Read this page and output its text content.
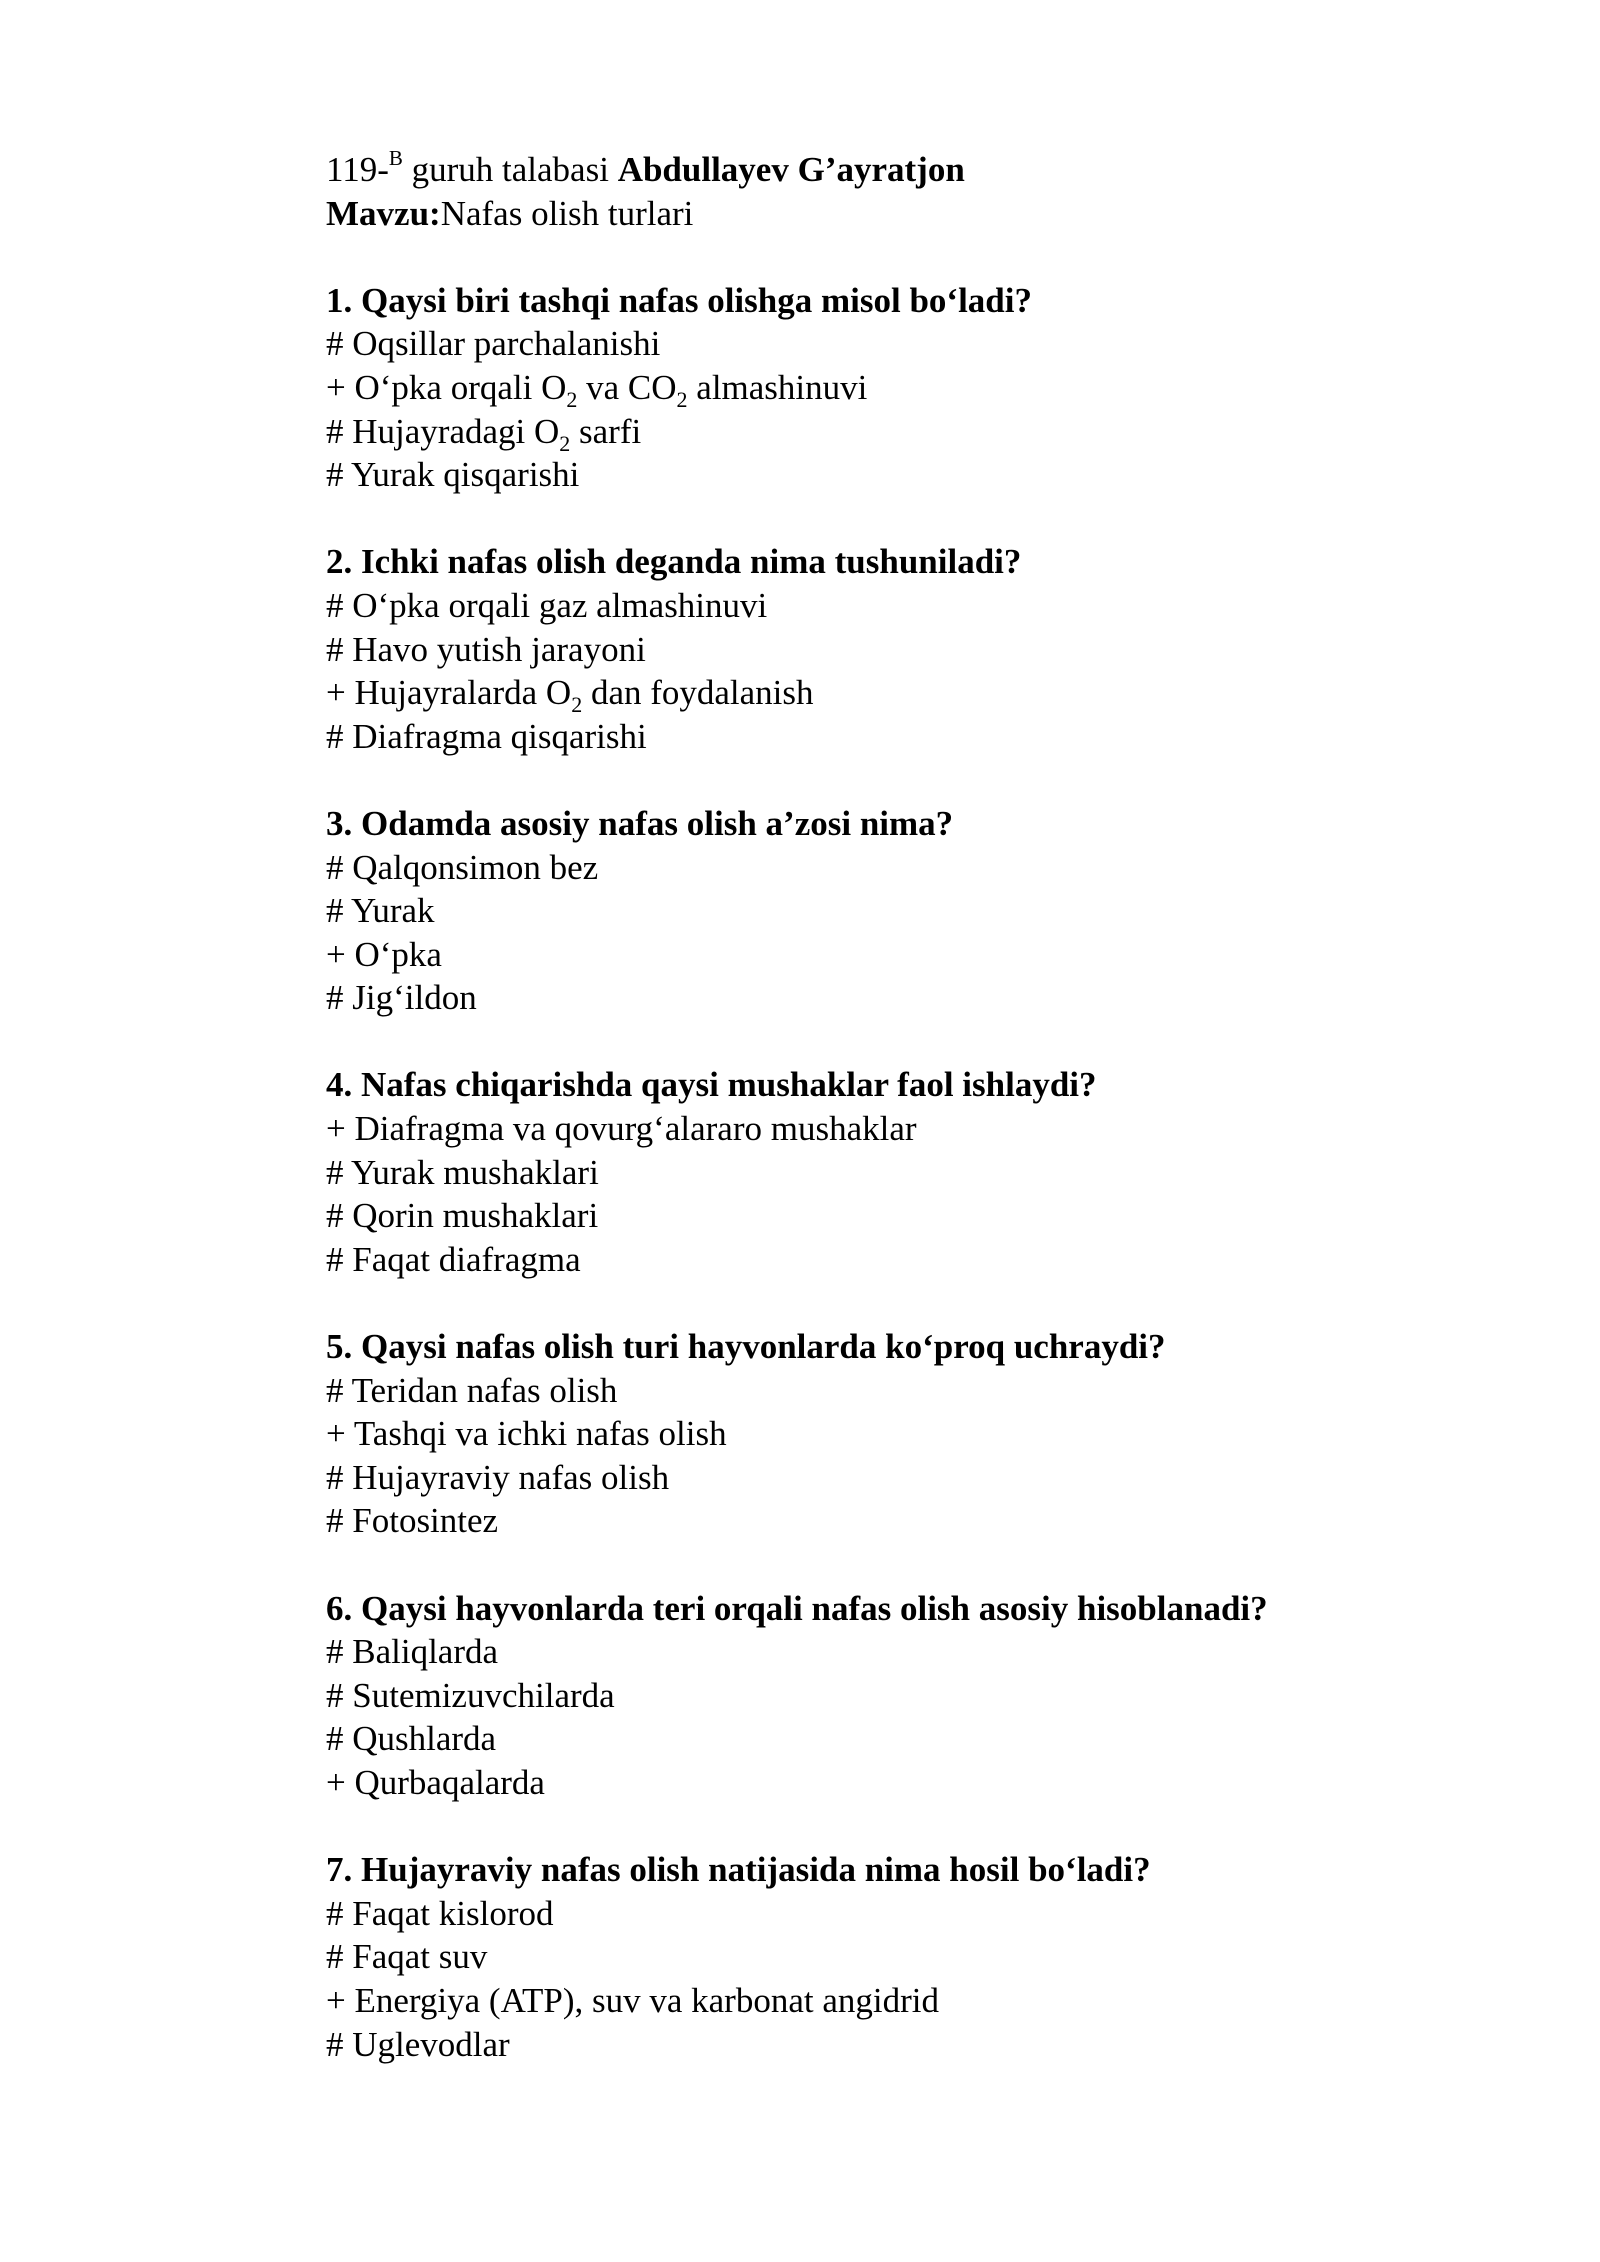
119-$^B$ guruh talabasi Abdullayev G’ayratjon
Mavzu:Nafas olish turlari
1. Qaysi biri tashqi nafas olishga misol bo‘ladi?
# Oqsillar parchalanishi
+ O‘pka orqali $O_2$ va $CO_2$ almashinuvi
# Hujayradagi $O_2$ sarfi
# Yurak qisqarishi
2. Ichki nafas olish deganda nima tushuniladi?
# O‘pka orqali gaz almashinuvi
# Havo yutish jarayoni
+ Hujayralarda $O_2$ dan foydalanish
# Diafragma qisqarishi
3. Odamda asosiy nafas olish a’zosi nima?
# Qalqonsimon bez
# Yurak
+ O‘pka
# Jig‘ildon
4. Nafas chiqarishda qaysi mushaklar faol ishlaydi?
+ Diafragma va qovurg‘alararo mushaklar
# Yurak mushaklari
# Qorin mushaklari
# Faqat diafragma
5. Qaysi nafas olish turi hayvonlarda ko‘proq uchraydi?
# Teridan nafas olish
+ Tashqi va ichki nafas olish
# Hujayraviy nafas olish
# Fotosintez
6. Qaysi hayvonlarda teri orqali nafas olish asosiy hisoblanadi?
# Baliqlarda
# Sutemizuvchilarda
# Qushlarda
+ Qurbaqalarda
7. Hujayraviy nafas olish natijasida nima hosil bo‘ladi?
# Faqat kislorod
# Faqat suv
+ Energiya (ATP), suv va karbonat angidrid
# Uglevodlar
